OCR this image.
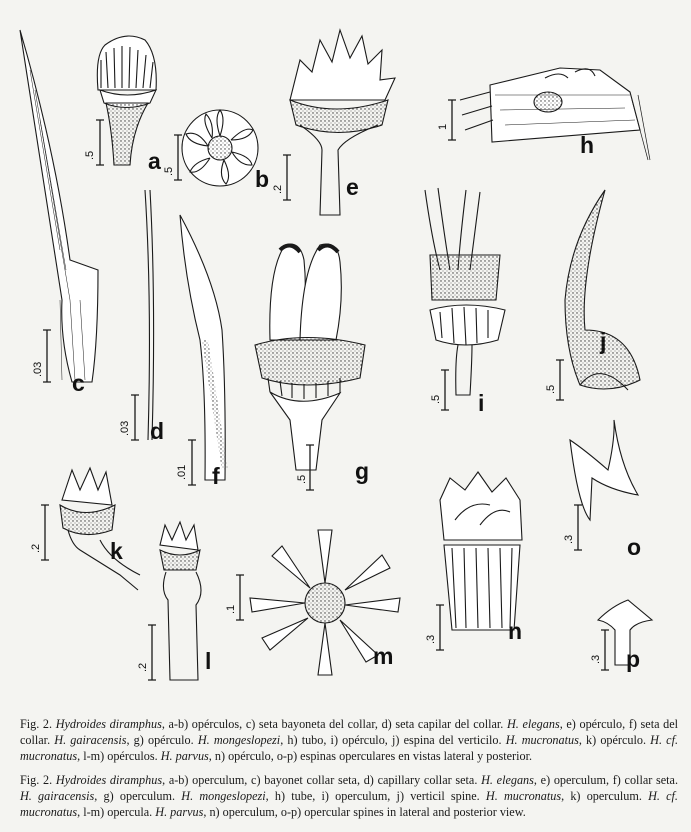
a
b
c
d
e
f	g
h
i
j
k
l	m
n
o
p
.5
.5
.03
.03
.2
.01	.5
1
.5
.5
.2
.2
.1
.3
.3
.3
Fig. 2. Hydroides diramphus, a-b) opérculos, c) seta bayoneta del collar, d) seta capilar del collar. H. elegans, e) opérculo, f) seta del collar. H. gairacensis, g) opérculo. H. mongeslopezi, h) tubo, i) opérculo, j) espina del verticilo. H. mucronatus, k) opérculo. H. cf. mucronatus, l-m) opérculos. H. parvus, n) opérculo, o-p) espinas operculares en vistas lateral y posterior.
Fig. 2. Hydroides diramphus, a-b) operculum, c) bayonet collar seta, d) capillary collar seta. H. elegans, e) operculum, f) collar seta. H. gairacensis, g) operculum. H. mongeslopezi, h) tube, i) operculum, j) verticil spine. H. mucronatus, k) operculum. H. cf. mucronatus, l-m) opercula. H. parvus, n) operculum, o-p) opercular spines in lateral and posterior view.
